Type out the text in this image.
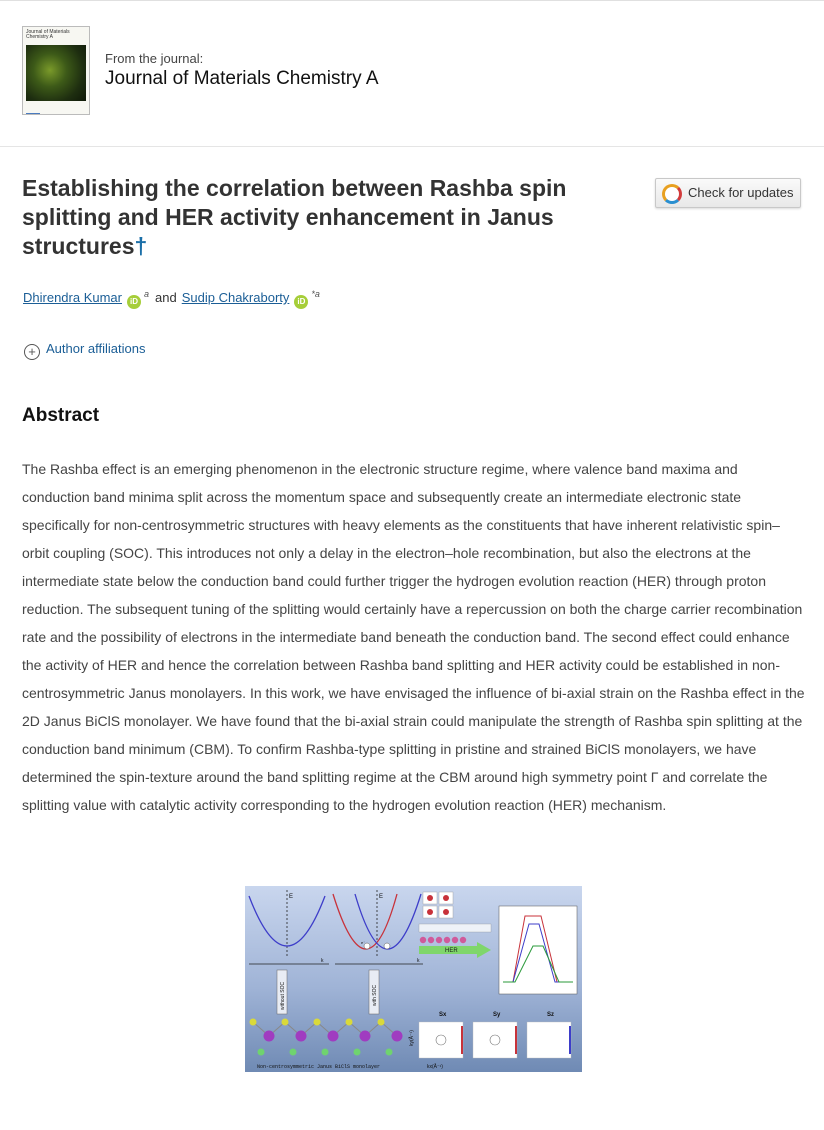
Journal of Materials Chemistry A
From the journal:
Journal of Materials Chemistry A
Establishing the correlation between Rashba spin splitting and HER activity enhancement in Janus structures†
Check for updates
Dhirendra Kumar $iD^a$ and Sudip Chakraborty $iD^{*a}$
+ Author affiliations
Abstract

The Rashba effect is an emerging phenomenon in the electronic structure regime, where valence band maxima and conduction band minima split across the momentum space and subsequently create an intermediate electronic state specifically for non-centrosymmetric structures with heavy elements as the constituents that have inherent relativistic spin–orbit coupling (SOC). This introduces not only a delay in the electron–hole recombination, but also the electrons at the intermediate state below the conduction band could further trigger the hydrogen evolution reaction (HER) through proton reduction. The subsequent tuning of the splitting would certainly have a repercussion on both the charge carrier recombination rate and the possibility of electrons in the intermediate band beneath the conduction band. The second effect could enhance the activity of HER and hence the correlation between Rashba band splitting and HER activity could be established in non-centrosymmetric Janus monolayers. In this work, we have envisaged the influence of bi-axial strain on the Rashba effect in the 2D Janus BiClS monolayer. We have found that the bi-axial strain could manipulate the strength of Rashba spin splitting at the conduction band minimum (CBM). To confirm Rashba-type splitting in pristine and strained BiClS monolayers, we have determined the spin-texture around the band splitting regime at the CBM around high symmetry point Γ and correlate the splitting value with catalytic activity corresponding to the hydrogen evolution reaction (HER) mechanism.

E
k
E
k
e⁻
without SOC	with SOC
HER
Non-centrosymmetric Janus BiClS monolayer
ky(Å⁻¹)
Sx	Sy	Sz
kx(Å⁻¹)
